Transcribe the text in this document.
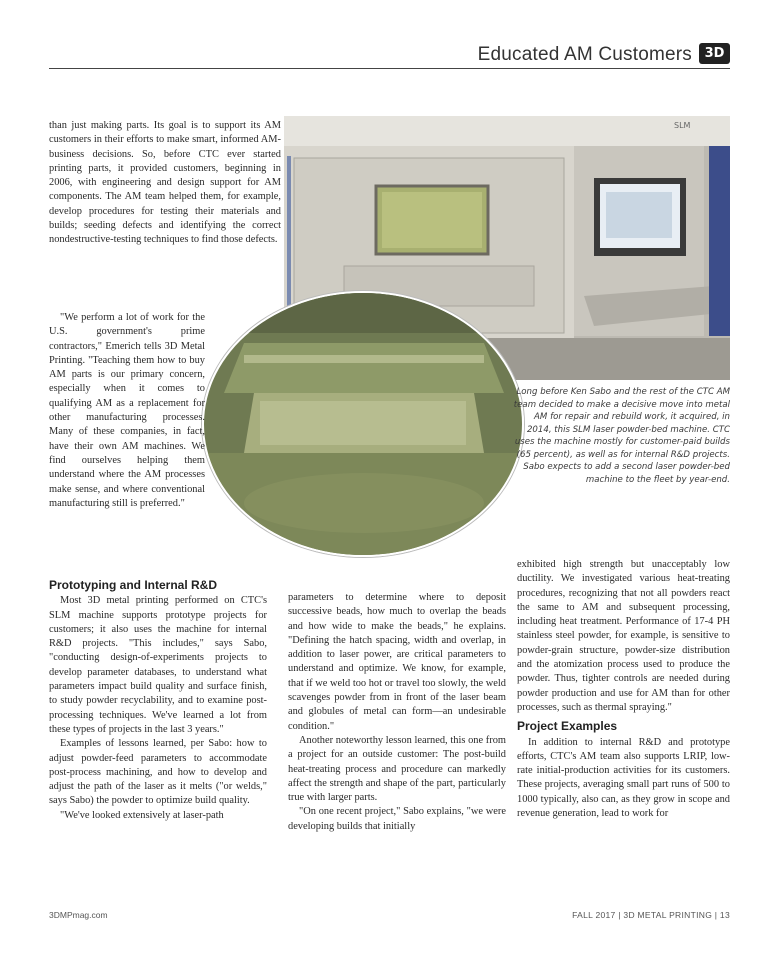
Educated AM Customers 3D
SLM

than just making parts. Its goal is to support its AM customers in their efforts to make smart, informed AM-business decisions. So, before CTC ever started printing parts, it provided customers, beginning in 2006, with engineering and design support for AM components. The AM team helped them, for example, develop procedures for testing their materials and builds; seeding defects and identifying the correct nondestructive-testing techniques to find those defects.

"We perform a lot of work for the U.S. government's prime contractors," Emerich tells 3D Metal Printing. "Teaching them how to buy AM parts is our primary concern, especially when it comes to qualifying AM as a replacement for other manufacturing processes. Many of these companies, in fact, have their own AM machines. We find ourselves helping them understand where the AM processes make sense, and where conventional manufacturing still is preferred."

Prototyping and Internal R&D

Most 3D metal printing performed on CTC's SLM machine supports prototype projects for customers; it also uses the machine for internal R&D projects. "This includes," says Sabo, "conducting design-of-experiments projects to develop parameter databases, to understand what parameters impact build quality and surface finish, to study powder recyclability, and to examine post-processing techniques. We've learned a lot from these types of projects in the last 3 years."

Examples of lessons learned, per Sabo: how to adjust powder-feed parameters to accommodate post-process machining, and how to develop and adjust the path of the laser as it melts ("or welds," says Sabo) the powder to optimize build quality.

"We've looked extensively at laser-path

parameters to determine where to deposit successive beads, how much to overlap the beads and how wide to make the beads," he explains. "Defining the hatch spacing, width and overlap, in addition to laser power, are critical parameters to understand and optimize. We know, for example, that if we weld too hot or travel too slowly, the weld scavenges powder from in front of the laser beam and globules of metal can form—an undesirable condition."

Another noteworthy lesson learned, this one from a project for an outside customer: The post-build heat-treating process and procedure can markedly affect the strength and shape of the part, particularly true with larger parts.

"On one recent project," Sabo explains, "we were developing builds that initially

exhibited high strength but unacceptably low ductility. We investigated various heat-treating procedures, recognizing that not all powders react the same to AM and subsequent processing, including heat treatment. Performance of 17-4 PH stainless steel powder, for example, is sensitive to powder-grain structure, powder-size distribution and the atomization process used to produce the powder. Thus, tighter controls are needed during powder production and use for AM than for other processes, such as thermal spraying."

Project Examples

In addition to internal R&D and prototype efforts, CTC's AM team also supports LRIP, low-rate initial-production activities for its customers. These projects, averaging small part runs of 500 to 1000 typically, also can, as they grow in scope and revenue generation, lead to work for

Long before Ken Sabo and the rest of the CTC AM team decided to make a decisive move into metal AM for repair and rebuild work, it acquired, in 2014, this SLM laser powder-bed machine. CTC uses the machine mostly for customer-paid builds (65 percent), as well as for internal R&D projects. Sabo expects to add a second laser powder-bed machine to the fleet by year-end.
3DMPmag.com	FALL 2017 | 3D METAL PRINTING | 13
